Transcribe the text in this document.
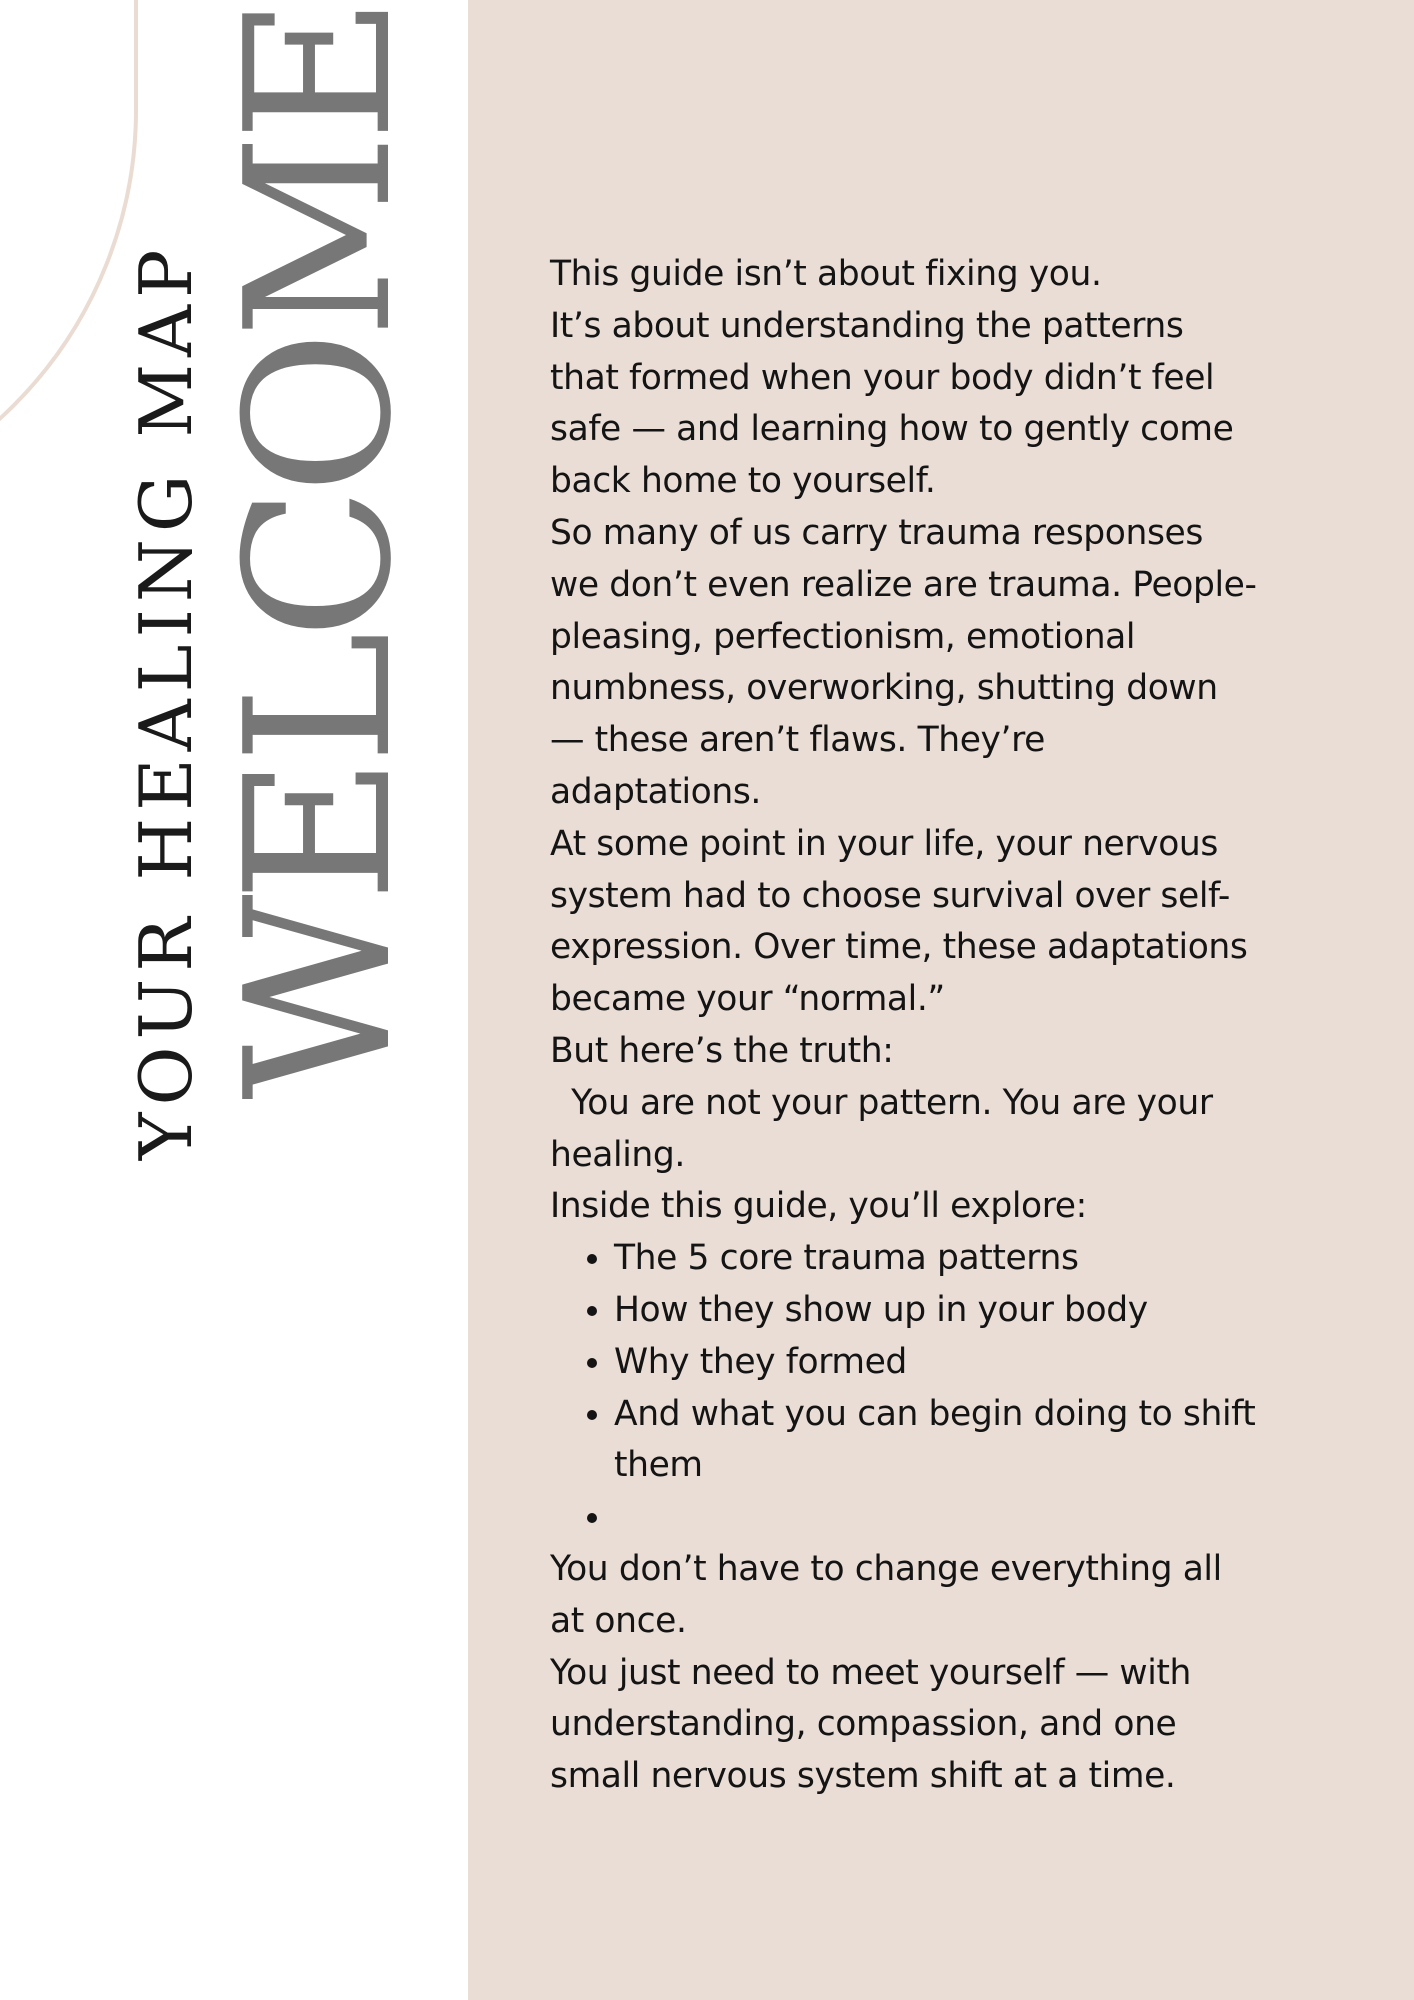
YOUR HEALING MAP
WELCOME	This guide isn’t about fixing you.

It’s about understanding the patterns that formed when your body didn’t feel safe — and learning how to gently come back home to yourself.

So many of us carry trauma responses we don’t even realize are trauma. People-pleasing, perfectionism, emotional numbness, overworking, shutting down — these aren’t flaws. They’re adaptations.

At some point in your life, your nervous system had to choose survival over self-expression. Over time, these adaptations became your “normal.”

But here’s the truth:

You are not your pattern. You are your healing.

Inside this guide, you’ll explore:

• The 5 core trauma patterns
• How they show up in your body
• Why they formed
• And what you can begin doing to shift them
•

You don’t have to change everything all at once.

You just need to meet yourself — with understanding, compassion, and one small nervous system shift at a time.
